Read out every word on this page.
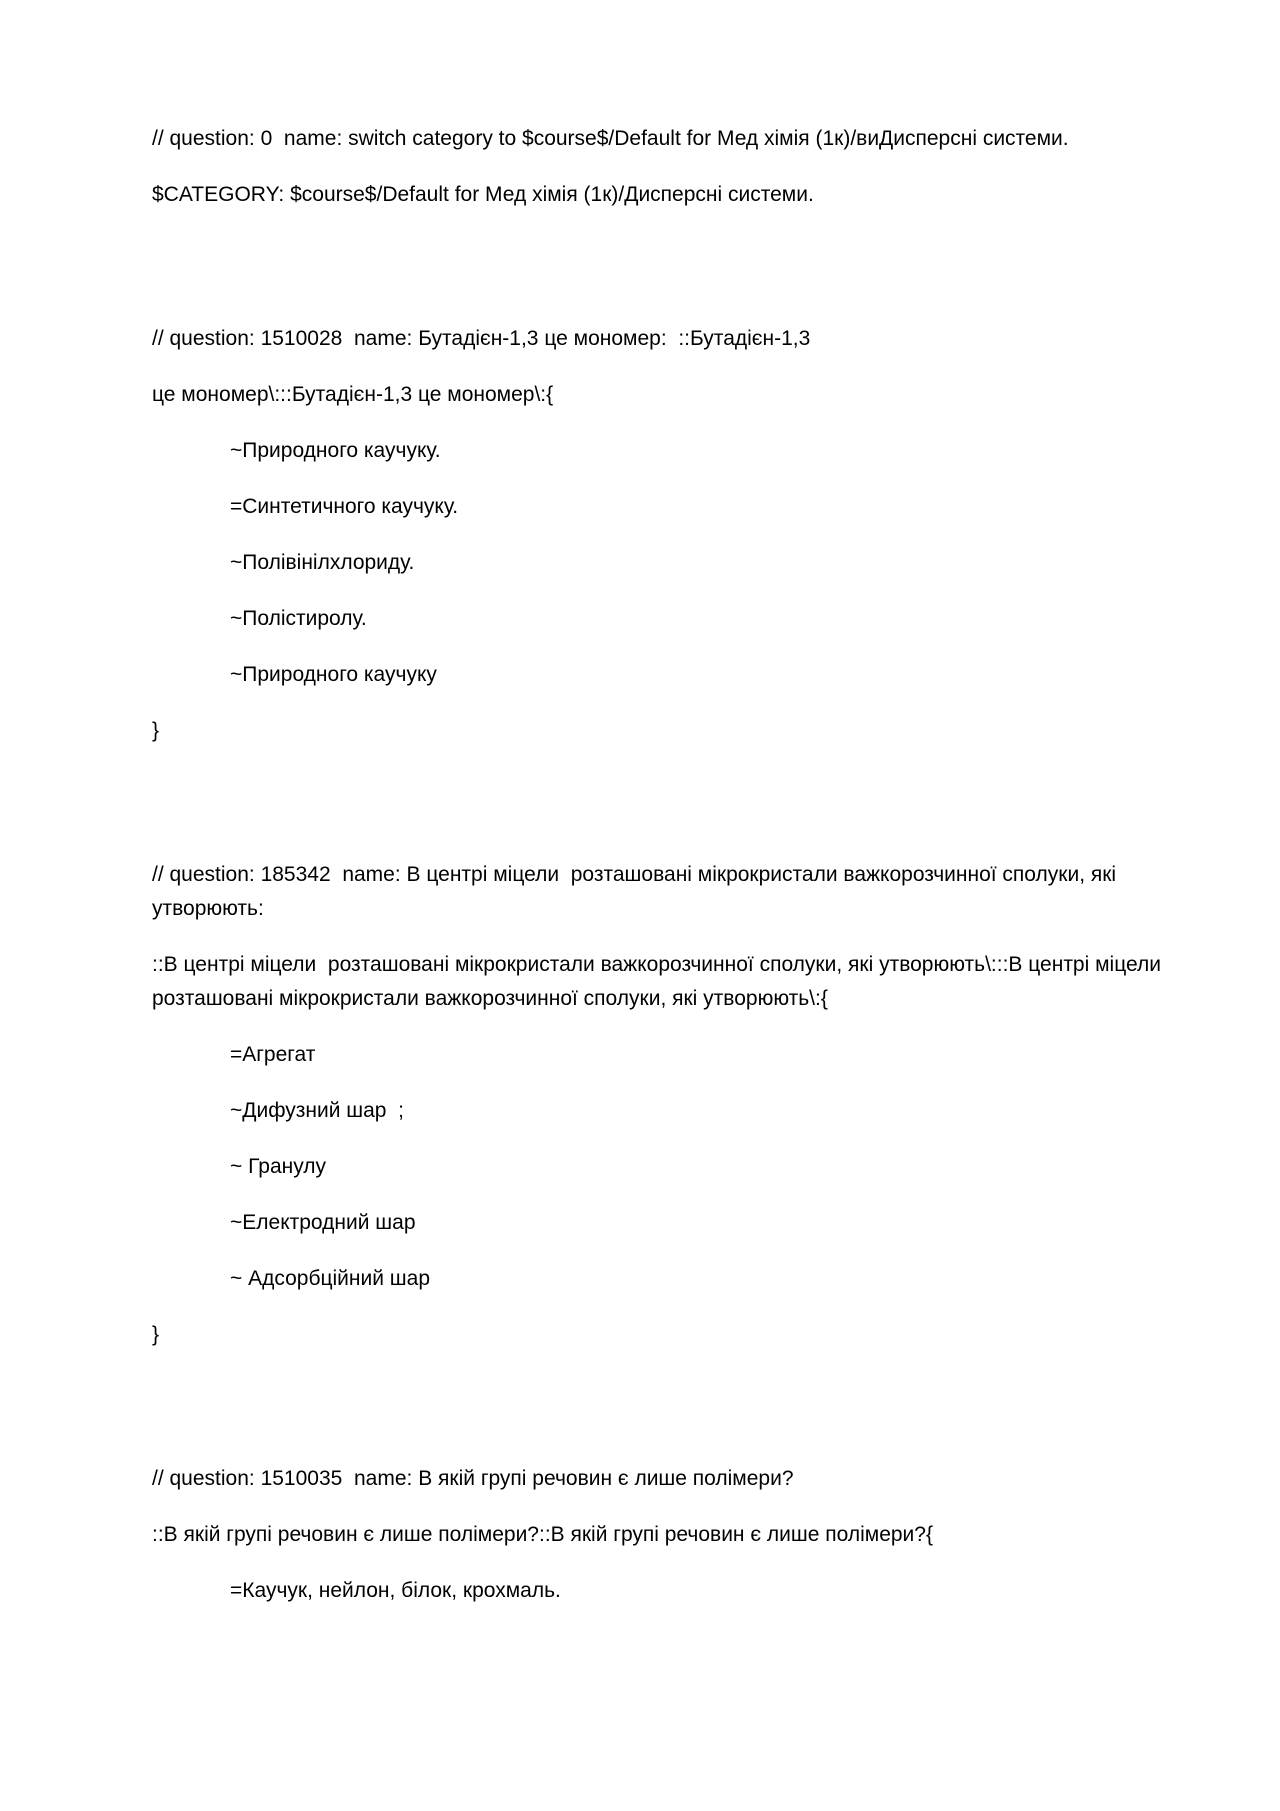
// question: 0  name: switch category to $course$/Default for Мед хімія (1к)/виДисперсні системи.
$CATEGORY: $course$/Default for Мед хімія (1к)/Дисперсні системи.
// question: 1510028  name: Бутадієн-1,3 це мономер:  ::Бутадієн-1,3
це мономер\:::Бутадієн-1,3 це мономер\:{
~Природного каучуку.
=Синтетичного каучуку.
~Полівінілхлориду.
~Полістиролу.
~Природного каучуку
}
// question: 185342  name: В центрі міцели  розташовані мікрокристали важкорозчинної сполуки, які утворюють:
::В центрі міцели  розташовані мікрокристали важкорозчинної сполуки, які утворюють\:::В центрі міцели  розташовані мікрокристали важкорозчинної сполуки, які утворюють\:{
=Агрегат
~Дифузний шар  ;
~ Гранулу
~Електродний шар
~ Адсорбційний шар
}
// question: 1510035  name: В якій групі речовин є лише полімери?
::В якій групі речовин є лише полімери?::В якій групі речовин є лише полімери?{
=Каучук, нейлон, білок, крохмаль.
